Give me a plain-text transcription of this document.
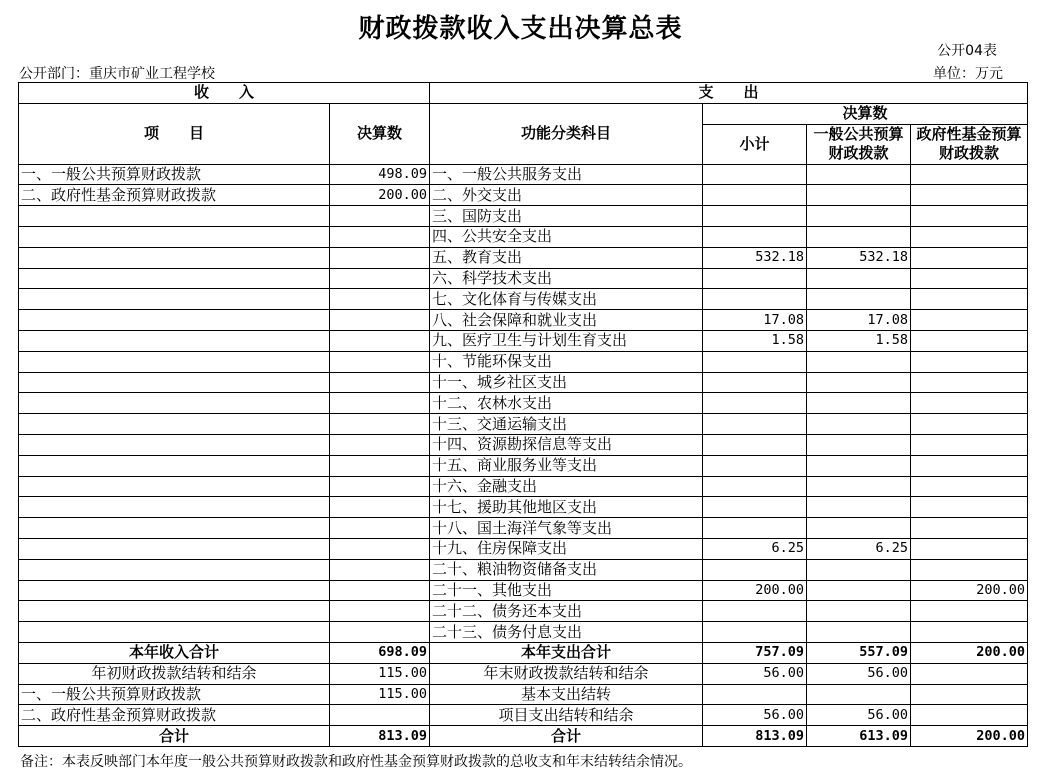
财政拨款收入支出决算总表
公开04表
公开部门：重庆市矿业工程学校	单位：万元
收　　入		支　　出			
项　　目	决算数	功能分类科目	决算数		
			小计	一般公共预算财政拨款	政府性基金预算财政拨款
一、一般公共预算财政拨款	498.09	一、一般公共服务支出			
二、政府性基金预算财政拨款	200.00	二、外交支出			
		三、国防支出			
		四、公共安全支出			
		五、教育支出	532.18	532.18	
		六、科学技术支出			
		七、文化体育与传媒支出			
		八、社会保障和就业支出	17.08	17.08	
		九、医疗卫生与计划生育支出	1.58	1.58	
		十、节能环保支出			
		十一、城乡社区支出			
		十二、农林水支出			
		十三、交通运输支出			
		十四、资源勘探信息等支出			
		十五、商业服务业等支出			
		十六、金融支出			
		十七、援助其他地区支出			
		十八、国土海洋气象等支出			
		十九、住房保障支出	6.25	6.25	
		二十、粮油物资储备支出			
		二十一、其他支出	200.00		200.00
		二十二、债务还本支出			
		二十三、债务付息支出			
本年收入合计	698.09	本年支出合计	757.09	557.09	200.00
年初财政拨款结转和结余	115.00	年末财政拨款结转和结余	56.00	56.00	
一、一般公共预算财政拨款	115.00	基本支出结转			
二、政府性基金预算财政拨款		项目支出结转和结余	56.00	56.00	
合计	813.09	合计	813.09	613.09	200.00
备注：本表反映部门本年度一般公共预算财政拨款和政府性基金预算财政拨款的总收支和年末结转结余情况。
